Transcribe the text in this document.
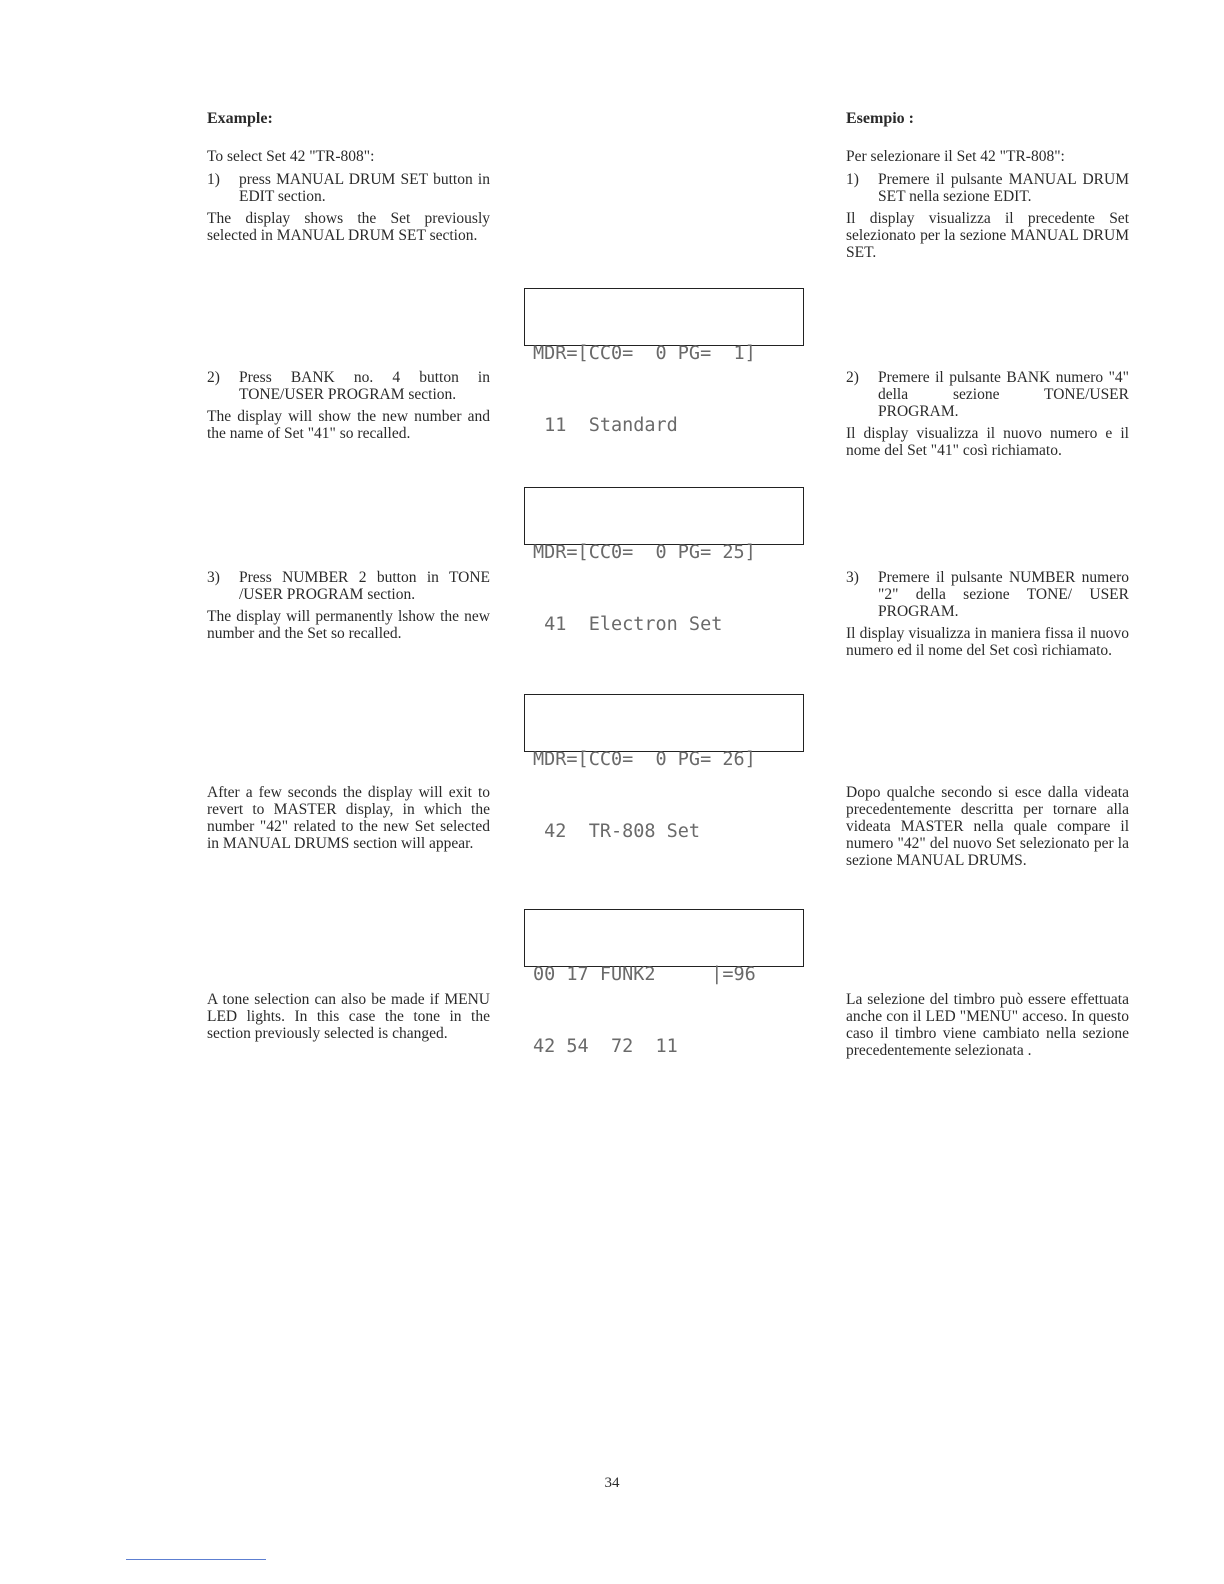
Example:

To select Set 42 "TR-808":

1)	press MANUAL DRUM SET button in EDIT section.

The display shows the Set previously selected in MANUAL DRUM SET section.

2)	Press BANK no. 4 button in TONE/USER PROGRAM section.

The display will show the new number and the name of Set "41" so recalled.

3)	Press NUMBER 2 button in TONE /USER PROGRAM section.

The display will permanently lshow the new number and the Set so recalled.

After a few seconds the display will exit to revert to MASTER display, in which the number "42" related to the new Set selected in MANUAL DRUMS section will appear.

A tone selection can also be made if MENU LED lights. In this case the tone in the section previously selected is changed.

Esempio :

Per selezionare il Set 42 "TR-808":

1)	Premere il pulsante MANUAL DRUM SET nella sezione EDIT.

Il display visualizza il precedente Set selezionato per la sezione MANUAL DRUM SET.

2)	Premere il pulsante BANK numero "4" della sezione TONE/USER PROGRAM.

Il display visualizza il nuovo numero e il nome del Set "41" così richiamato.

3)	Premere il pulsante NUMBER numero "2" della sezione TONE/ USER PROGRAM.

Il display visualizza in maniera fissa il nuovo numero ed il nome del Set così richiamato.

Dopo qualche secondo si esce dalla videata precedentemente descritta per tornare alla videata MASTER nella quale compare il numero "42" del nuovo Set selezionato per la sezione MANUAL DRUMS.

La selezione del timbro può essere effettuata anche con il LED "MENU" acceso. In questo caso il timbro viene cambiato nella sezione precedentemente selezionata .

MDR=[CC0=  0 PG=  1]

11  Standard

MDR=[CC0=  0 PG= 25]

41  Electron Set

MDR=[CC0=  0 PG= 26]

42  TR-808 Set

00 17 FUNK2     |=96

42 54  72  11

34
